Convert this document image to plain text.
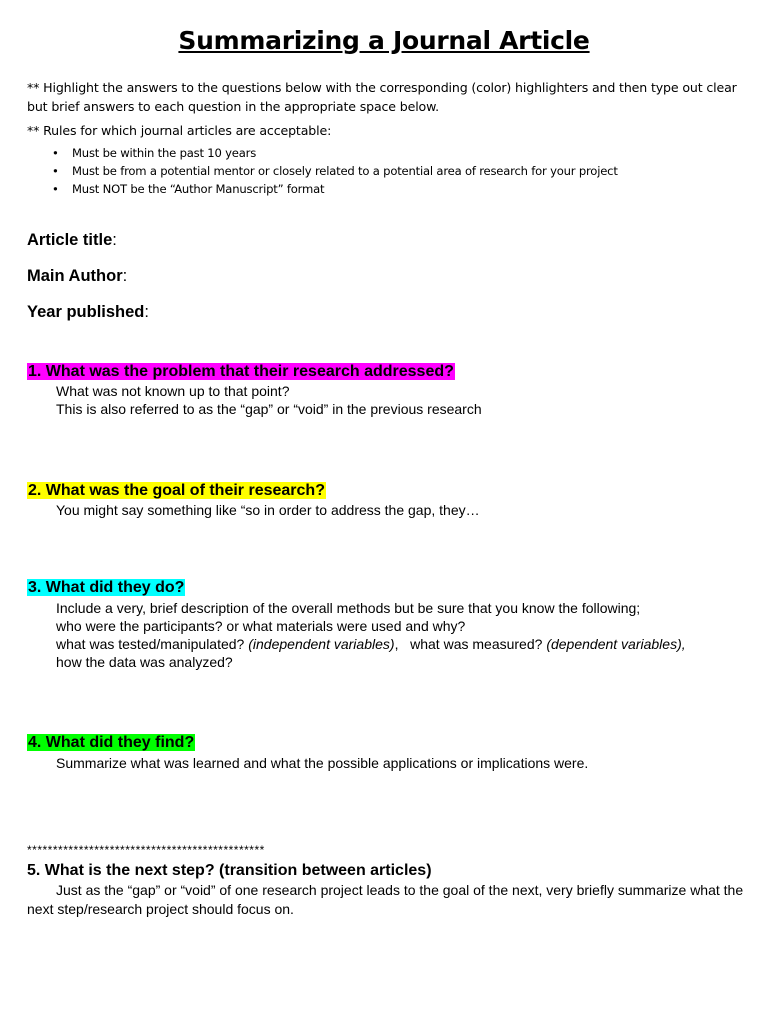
Summarizing a Journal Article
** Highlight the answers to the questions below with the corresponding (color) highlighters and then type out clear but brief answers to each question in the appropriate space below.
** Rules for which journal articles are acceptable:
• Must be within the past 10 years
• Must be from a potential mentor or closely related to a potential area of research for your project
• Must NOT be the “Author Manuscript” format
Article title:
Main Author:
Year published:
1. What was the problem that their research addressed?
What was not known up to that point?
This is also referred to as the “gap” or “void” in the previous research
2. What was the goal of their research?
You might say something like “so in order to address the gap, they…
3. What did they do?
Include a very, brief description of the overall methods but be sure that you know the following;
who were the participants? or what materials were used and why?
what was tested/manipulated? (independent variables), what was measured? (dependent variables),
how the data was analyzed?
4. What did they find?
Summarize what was learned and what the possible applications or implications were.
**********************************************
5. What is the next step? (transition between articles)
Just as the “gap” or “void” of one research project leads to the goal of the next, very briefly summarize what the next step/research project should focus on.
